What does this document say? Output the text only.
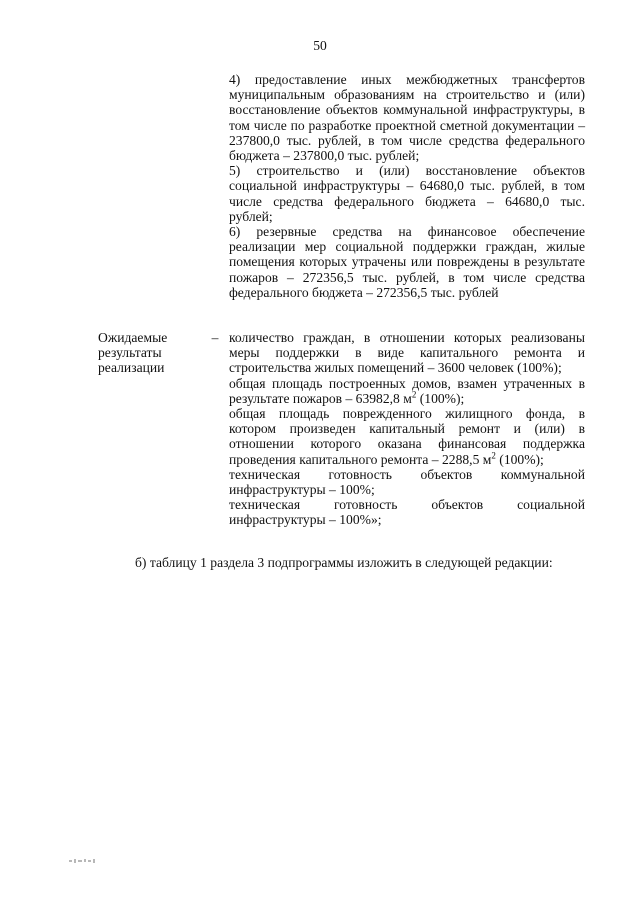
50

4) предоставление иных межбюджетных трансфертов муниципальным образованиям на строительство и (или) восстановление объектов коммунальной инфраструктуры, в том числе по разработке проектной сметной документации – 237800,0 тыс. рублей, в том числе средства федерального бюджета – 237800,0 тыс. рублей;

5) строительство и (или) восстановление объектов социальной инфраструктуры – 64680,0 тыс. рублей, в том числе средства федерального бюджета – 64680,0 тыс. рублей;

6) резервные средства на финансовое обеспечение реализации мер социальной поддержки граждан, жилые помещения которых утрачены или повреждены в результате пожаров – 272356,5 тыс. рублей, в том числе средства федерального бюджета – 272356,5 тыс. рублей

Ожидаемые результаты реализации
– количество граждан, в отношении которых реализованы меры поддержки в виде капитального ремонта и строительства жилых помещений – 3600 человек (100%);

общая площадь построенных домов, взамен утраченных в результате пожаров – 63982,8 $м^2$ (100%);

общая площадь поврежденного жилищного фонда, в котором произведен капитальный ремонт и (или) в отношении которого оказана финансовая поддержка проведения капитального ремонта – 2288,5 $м^2$ (100%);

техническая готовность объектов коммунальной инфраструктуры – 100%;

техническая готовность объектов социальной инфраструктуры – 100%»;

б) таблицу 1 раздела 3 подпрограммы изложить в следующей редакции:
